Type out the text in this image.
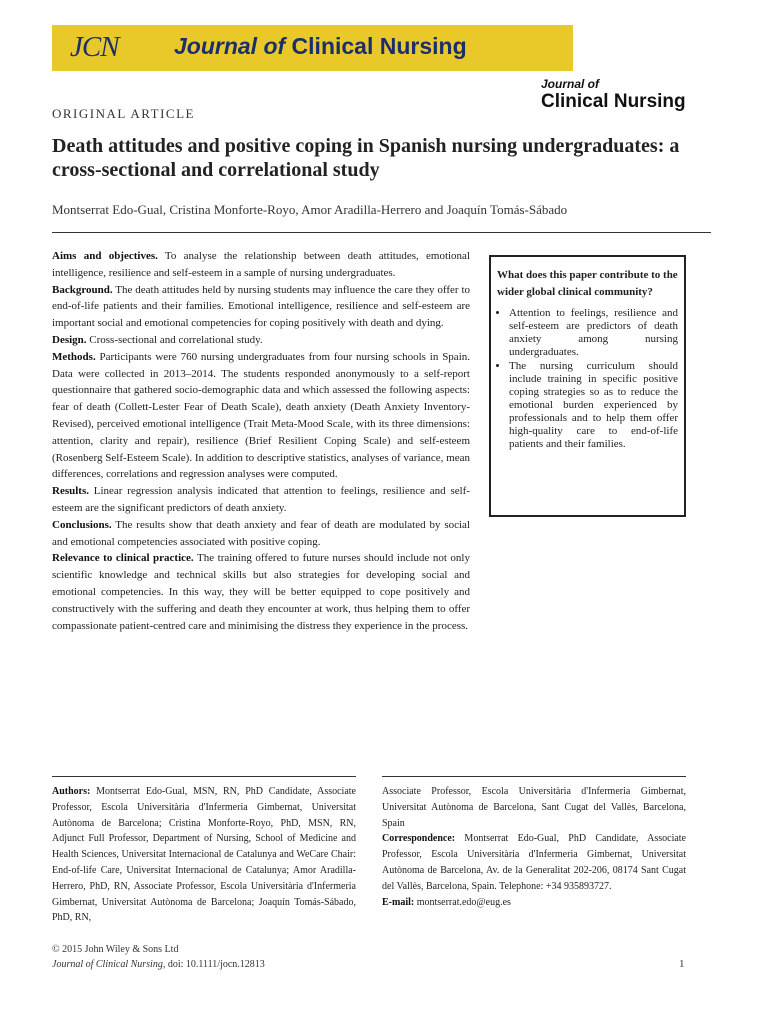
JCN Journal of Clinical Nursing
Journal of
Clinical Nursing
ORIGINAL ARTICLE
Death attitudes and positive coping in Spanish nursing undergraduates: a cross-sectional and correlational study
Montserrat Edo-Gual, Cristina Monforte-Royo, Amor Aradilla-Herrero and Joaquín Tomás-Sábado

Aims and objectives. To analyse the relationship between death attitudes, emotional intelligence, resilience and self-esteem in a sample of nursing undergraduates.

Background. The death attitudes held by nursing students may influence the care they offer to end-of-life patients and their families. Emotional intelligence, resilience and self-esteem are important social and emotional competencies for coping positively with death and dying.

Design. Cross-sectional and correlational study.

Methods. Participants were 760 nursing undergraduates from four nursing schools in Spain. Data were collected in 2013–2014. The students responded anonymously to a self-report questionnaire that gathered socio-demographic data and which assessed the following aspects: fear of death (Collett-Lester Fear of Death Scale), death anxiety (Death Anxiety Inventory-Revised), perceived emotional intelligence (Trait Meta-Mood Scale, with its three dimensions: attention, clarity and repair), resilience (Brief Resilient Coping Scale) and self-esteem (Rosenberg Self-Esteem Scale). In addition to descriptive statistics, analyses of variance, mean differences, correlations and regression analyses were computed.

Results. Linear regression analysis indicated that attention to feelings, resilience and self-esteem are the significant predictors of death anxiety.

Conclusions. The results show that death anxiety and fear of death are modulated by social and emotional competencies associated with positive coping.

Relevance to clinical practice. The training offered to future nurses should include not only scientific knowledge and technical skills but also strategies for developing social and emotional competencies. In this way, they will be better equipped to cope positively and constructively with the suffering and death they encounter at work, thus helping them to offer compassionate patient-centred care and minimising the distress they experience in the process.

What does this paper contribute to the wider global clinical community?
• Attention to feelings, resilience and self-esteem are predictors of death anxiety among nursing undergraduates.
• The nursing curriculum should include training in specific positive coping strategies so as to reduce the emotional burden experienced by professionals and to help them offer high-quality care to end-of-life patients and their families.
Authors: Montserrat Edo-Gual, MSN, RN, PhD Candidate, Associate Professor, Escola Universitària d'Infermeria Gimbernat, Universitat Autònoma de Barcelona; Cristina Monforte-Royo, PhD, MSN, RN, Adjunct Full Professor, Department of Nursing, School of Medicine and Health Sciences, Universitat Internacional de Catalunya and WeCare Chair: End-of-life Care, Universitat Internacional de Catalunya; Amor Aradilla-Herrero, PhD, RN, Associate Professor, Escola Universitària d'Infermeria Gimbernat, Universitat Autònoma de Barcelona; Joaquín Tomás-Sábado, PhD, RN,
Associate Professor, Escola Universitària d'Infermeria Gimbernat, Universitat Autònoma de Barcelona, Sant Cugat del Vallès, Barcelona, Spain
Correspondence: Montserrat Edo-Gual, PhD Candidate, Associate Professor, Escola Universitària d'Infermeria Gimbernat, Universitat Autònoma de Barcelona, Av. de la Generalitat 202-206, 08174 Sant Cugat del Vallès, Barcelona, Spain. Telephone: +34 935893727.
E-mail: montserrat.edo@eug.es
© 2015 John Wiley & Sons Ltd
Journal of Clinical Nursing, doi: 10.1111/jocn.12813	1
